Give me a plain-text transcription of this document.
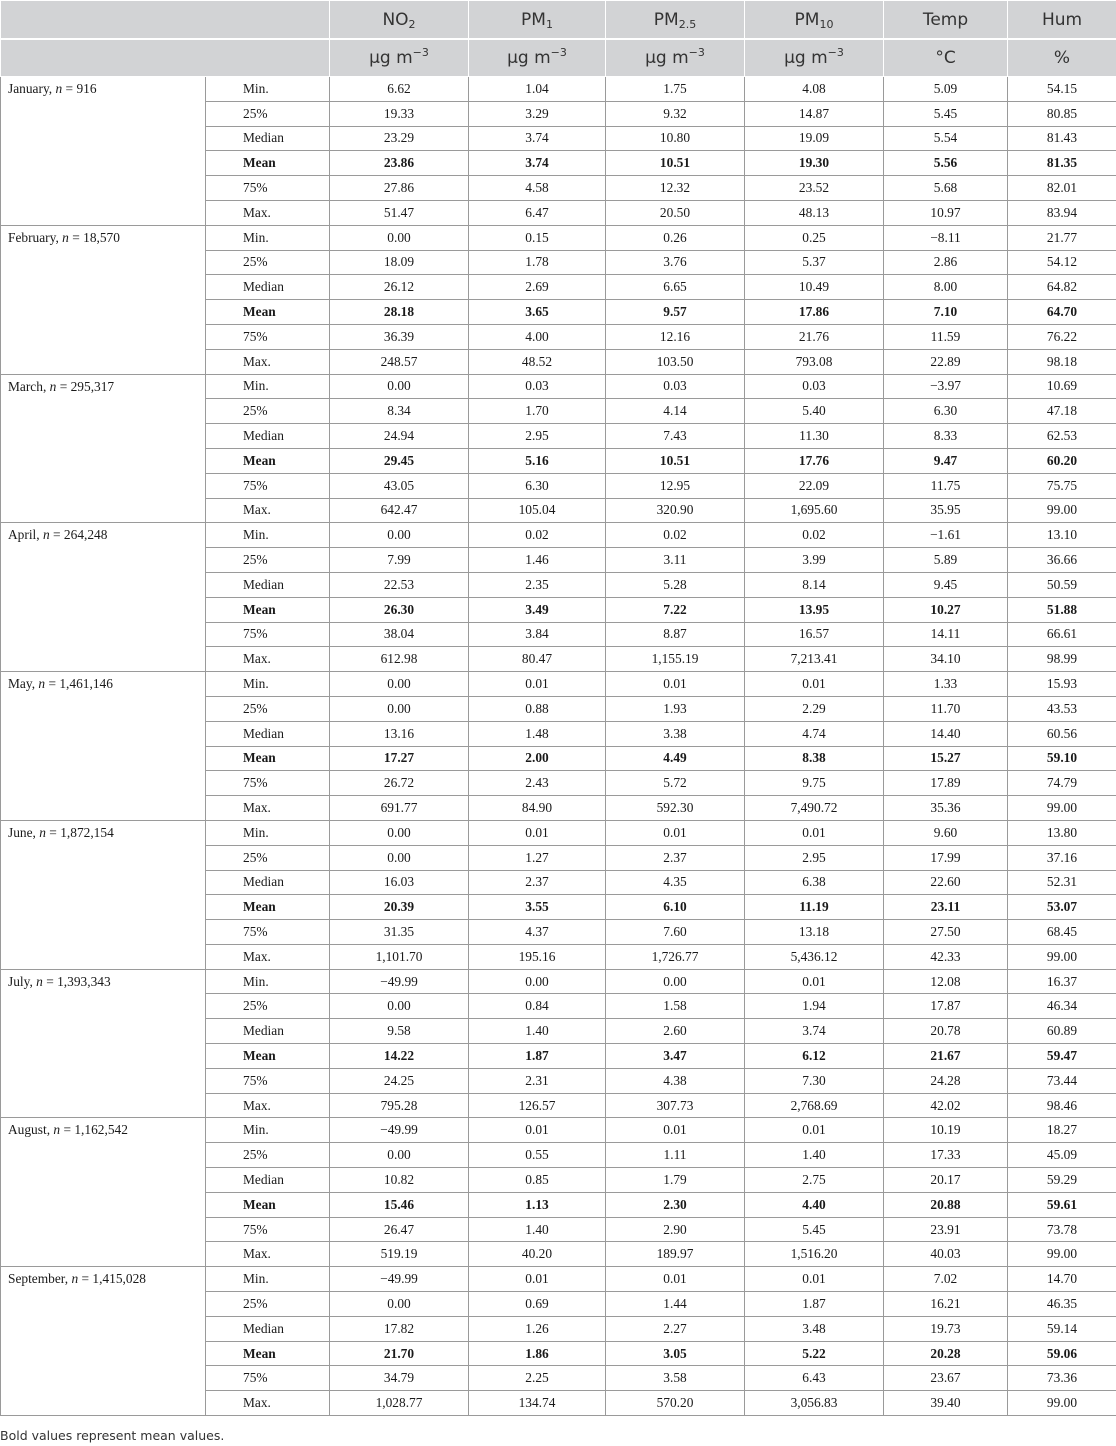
		$NO_2$	$PM_1$	$PM_{2.5}$	$PM_{10}$	Temp	Hum
		μg $m^{-3}$	μg $m^{-3}$	μg $m^{-3}$	μg $m^{-3}$	°C	%
January, n = 916	Min.	6.62	1.04	1.75	4.08	5.09	54.15
	25%	19.33	3.29	9.32	14.87	5.45	80.85
	Median	23.29	3.74	10.80	19.09	5.54	81.43
	Mean	23.86	3.74	10.51	19.30	5.56	81.35
	75%	27.86	4.58	12.32	23.52	5.68	82.01
	Max.	51.47	6.47	20.50	48.13	10.97	83.94
February, n = 18,570	Min.	0.00	0.15	0.26	0.25	−8.11	21.77
	25%	18.09	1.78	3.76	5.37	2.86	54.12
	Median	26.12	2.69	6.65	10.49	8.00	64.82
	Mean	28.18	3.65	9.57	17.86	7.10	64.70
	75%	36.39	4.00	12.16	21.76	11.59	76.22
	Max.	248.57	48.52	103.50	793.08	22.89	98.18
March, n = 295,317	Min.	0.00	0.03	0.03	0.03	−3.97	10.69
	25%	8.34	1.70	4.14	5.40	6.30	47.18
	Median	24.94	2.95	7.43	11.30	8.33	62.53
	Mean	29.45	5.16	10.51	17.76	9.47	60.20
	75%	43.05	6.30	12.95	22.09	11.75	75.75
	Max.	642.47	105.04	320.90	1,695.60	35.95	99.00
April, n = 264,248	Min.	0.00	0.02	0.02	0.02	−1.61	13.10
	25%	7.99	1.46	3.11	3.99	5.89	36.66
	Median	22.53	2.35	5.28	8.14	9.45	50.59
	Mean	26.30	3.49	7.22	13.95	10.27	51.88
	75%	38.04	3.84	8.87	16.57	14.11	66.61
	Max.	612.98	80.47	1,155.19	7,213.41	34.10	98.99
May, n = 1,461,146	Min.	0.00	0.01	0.01	0.01	1.33	15.93
	25%	0.00	0.88	1.93	2.29	11.70	43.53
	Median	13.16	1.48	3.38	4.74	14.40	60.56
	Mean	17.27	2.00	4.49	8.38	15.27	59.10
	75%	26.72	2.43	5.72	9.75	17.89	74.79
	Max.	691.77	84.90	592.30	7,490.72	35.36	99.00
June, n = 1,872,154	Min.	0.00	0.01	0.01	0.01	9.60	13.80
	25%	0.00	1.27	2.37	2.95	17.99	37.16
	Median	16.03	2.37	4.35	6.38	22.60	52.31
	Mean	20.39	3.55	6.10	11.19	23.11	53.07
	75%	31.35	4.37	7.60	13.18	27.50	68.45
	Max.	1,101.70	195.16	1,726.77	5,436.12	42.33	99.00
July, n = 1,393,343	Min.	−49.99	0.00	0.00	0.01	12.08	16.37
	25%	0.00	0.84	1.58	1.94	17.87	46.34
	Median	9.58	1.40	2.60	3.74	20.78	60.89
	Mean	14.22	1.87	3.47	6.12	21.67	59.47
	75%	24.25	2.31	4.38	7.30	24.28	73.44
	Max.	795.28	126.57	307.73	2,768.69	42.02	98.46
August, n = 1,162,542	Min.	−49.99	0.01	0.01	0.01	10.19	18.27
	25%	0.00	0.55	1.11	1.40	17.33	45.09
	Median	10.82	0.85	1.79	2.75	20.17	59.29
	Mean	15.46	1.13	2.30	4.40	20.88	59.61
	75%	26.47	1.40	2.90	5.45	23.91	73.78
	Max.	519.19	40.20	189.97	1,516.20	40.03	99.00
September, n = 1,415,028	Min.	−49.99	0.01	0.01	0.01	7.02	14.70
	25%	0.00	0.69	1.44	1.87	16.21	46.35
	Median	17.82	1.26	2.27	3.48	19.73	59.14
	Mean	21.70	1.86	3.05	5.22	20.28	59.06
	75%	34.79	2.25	3.58	6.43	23.67	73.36
	Max.	1,028.77	134.74	570.20	3,056.83	39.40	99.00
Bold values represent mean values.
